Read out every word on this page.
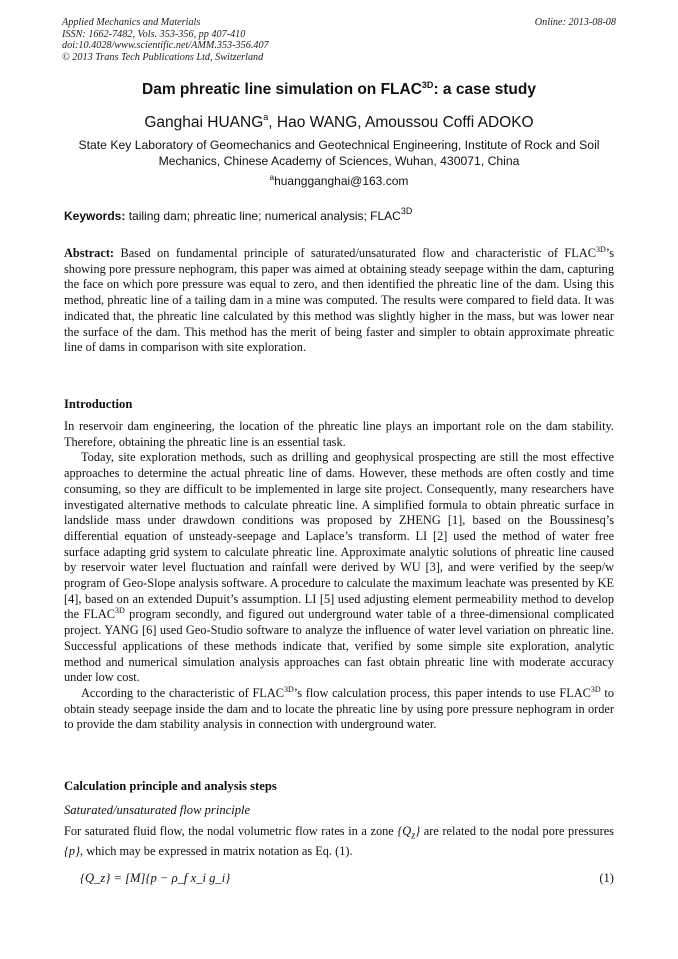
Applied Mechanics and Materials
ISSN: 1662-7482, Vols. 353-356, pp 407-410
doi:10.4028/www.scientific.net/AMM.353-356.407
© 2013 Trans Tech Publications Ltd, Switzerland
Online: 2013-08-08
Dam phreatic line simulation on $FLAC^{3D}$: a case study
Ganghai HUANG$^a$, Hao WANG, Amoussou Coffi ADOKO
State Key Laboratory of Geomechanics and Geotechnical Engineering, Institute of Rock and Soil
Mechanics, Chinese Academy of Sciences, Wuhan, 430071, China
$^a$huangganghai@163.com
Keywords: tailing dam; phreatic line; numerical analysis; $FLAC^{3D}$
Abstract: Based on fundamental principle of saturated/unsaturated flow and characteristic of $FLAC^{3D}’s$ showing pore pressure nephogram, this paper was aimed at obtaining steady seepage within the dam, capturing the face on which pore pressure was equal to zero, and then identified the phreatic line of the dam. Using this method, phreatic line of a tailing dam in a mine was computed. The results were compared to field data. It was indicated that, the phreatic line calculated by this method was slightly higher in the mass, but was lower near the surface of the dam. This method has the merit of being faster and simpler to obtain approximate phreatic line of dams in comparison with site exploration.
Introduction

In reservoir dam engineering, the location of the phreatic line plays an important role on the dam stability. Therefore, obtaining the phreatic line is an essential task.

Today, site exploration methods, such as drilling and geophysical prospecting are still the most effective approaches to determine the actual phreatic line of dams. However, these methods are often costly and time consuming, so they are difficult to be implemented in large site project. Consequently, many researchers have investigated alternative methods to calculate phreatic line. A simplified formula to obtain phreatic surface in landslide mass under drawdown conditions was proposed by ZHENG [1], based on the Boussinesq’s differential equation of unsteady-seepage and Laplace’s transform. LI [2] used the method of water free surface adapting grid system to calculate phreatic line. Approximate analytic solutions of phreatic line caused by reservoir water level fluctuation and rainfall were derived by WU [3], and were verified by the seep/w program of Geo-Slope analysis software. A procedure to calculate the maximum leachate was presented by KE [4], based on an extended Dupuit’s assumption. LI [5] used adjusting element permeability method to develop the $FLAC^{3D}$ program secondly, and figured out underground water table of a three-dimensional complicated project. YANG [6] used Geo-Studio software to analyze the influence of water level variation on phreatic line. Successful applications of these methods indicate that, verified by some simple site exploration, analytic method and numerical simulation analysis approaches can fast obtain phreatic line with moderate accuracy under low cost.

According to the characteristic of $FLAC^{3D}’s$ flow calculation process, this paper intends to use $FLAC^{3D}$ to obtain steady seepage inside the dam and to locate the phreatic line by using pore pressure nephogram in order to provide the dam stability analysis in connection with underground water.

Calculation principle and analysis steps
Saturated/unsaturated flow principle
For saturated fluid flow, the nodal volumetric flow rates in a zone $\{Q_z\}$ are related to the nodal pore pressures {p}, which may be expressed in matrix notation as Eq. (1).
{Q_z} = [M]{p − ρ_f x_i g_i}	(1)
